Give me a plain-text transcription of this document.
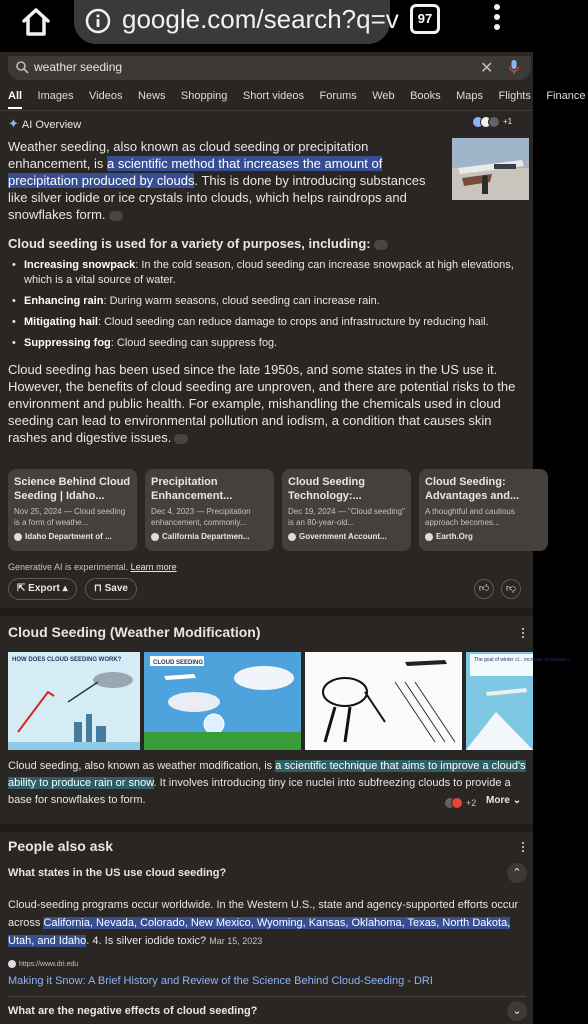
google.com/search?q=v	97
weather seeding	✕
All Images Videos News Shopping Short videos Forums Web Books Maps Flights Finance
✦ AI Overview	+1
Weather seeding, also known as cloud seeding or precipitation enhancement, is a scientific method that increases the amount of precipitation produced by clouds. This is done by introducing substances like silver iodide or ice crystals into clouds, which helps raindrops and snowflakes form.
Cloud seeding is used for a variety of purposes, including:
• Increasing snowpack: In the cold season, cloud seeding can increase snowpack at high elevations, which is a vital source of water.
• Enhancing rain: During warm seasons, cloud seeding can increase rain.
• Mitigating hail: Cloud seeding can reduce damage to crops and infrastructure by reducing hail.
• Suppressing fog: Cloud seeding can suppress fog.
Cloud seeding has been used since the late 1950s, and some states in the US use it. However, the benefits of cloud seeding are unproven, and there are potential risks to the environment and public health. For example, mishandling the chemicals used in cloud seeding can lead to environmental pollution and iodism, a condition that causes skin rashes and digestive issues.
Science Behind Cloud Seeding | Idaho...
Nov 25, 2024 — Cloud seeding is a form of weathe...
Idaho Department of ...
Precipitation Enhancement...
Dec 4, 2023 — Precipitation enhancement, commonly...
California Departmen...
Cloud Seeding Technology:...
Dec 19, 2024 — "Cloud seeding" is an 80-year-old...
Government Account...
Cloud Seeding: Advantages and...
A thoughtful and cautious approach becomes...
Earth.Org
Generative AI is experimental. Learn more
⇱ Export ▴	⊓ Save	👍︎	👎︎
Cloud Seeding (Weather Modification)
HOW DOES CLOUD SEEDING WORK?	CLOUD SEEDING	The goal of winter cl... increase snowpack i...
Cloud seeding, also known as weather modification, is a scientific technique that aims to improve a cloud's ability to produce rain or snow. It involves introducing tiny ice nuclei into subfreezing clouds to provide a base for snowflakes to form.	+2 More ⌄
People also ask
What states in the US use cloud seeding?	⌃
Cloud-seeding programs occur worldwide. In the Western U.S., state and agency-supported efforts occur across California, Nevada, Colorado, New Mexico, Wyoming, Kansas, Oklahoma, Texas, North Dakota, Utah, and Idaho. 4. Is silver iodide toxic? Mar 15, 2023
https://www.dri.edu
Making it Snow: A Brief History and Review of the Science Behind Cloud-Seeding - DRI
What are the negative effects of cloud seeding?	⌄
